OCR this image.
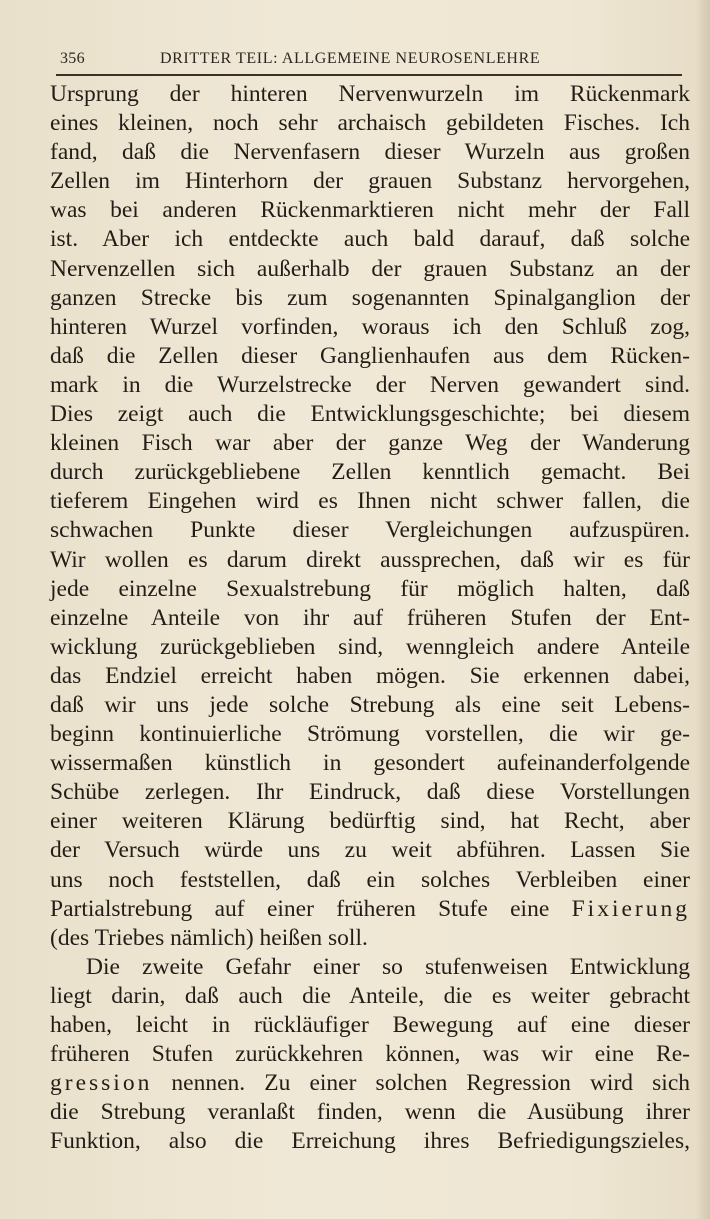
356	DRITTER TEIL: ALLGEMEINE NEUROSENLEHRE
Ursprung der hinteren Nervenwurzeln im Rückenmark
eines kleinen, noch sehr archaisch gebildeten Fisches. Ich
fand, daß die Nervenfasern dieser Wurzeln aus großen
Zellen im Hinterhorn der grauen Substanz hervorgehen,
was bei anderen Rückenmarktieren nicht mehr der Fall
ist. Aber ich entdeckte auch bald darauf, daß solche
Nervenzellen sich außerhalb der grauen Substanz an der
ganzen Strecke bis zum sogenannten Spinalganglion der
hinteren Wurzel vorfinden, woraus ich den Schluß zog,
daß die Zellen dieser Ganglienhaufen aus dem Rücken-
mark in die Wurzelstrecke der Nerven gewandert sind.
Dies zeigt auch die Entwicklungsgeschichte; bei diesem
kleinen Fisch war aber der ganze Weg der Wanderung
durch zurückgebliebene Zellen kenntlich gemacht. Bei
tieferem Eingehen wird es Ihnen nicht schwer fallen, die
schwachen Punkte dieser Vergleichungen aufzuspüren.
Wir wollen es darum direkt aussprechen, daß wir es für
jede einzelne Sexualstrebung für möglich halten, daß
einzelne Anteile von ihr auf früheren Stufen der Ent-
wicklung zurückgeblieben sind, wenngleich andere Anteile
das Endziel erreicht haben mögen. Sie erkennen dabei,
daß wir uns jede solche Strebung als eine seit Lebens-
beginn kontinuierliche Strömung vorstellen, die wir ge-
wissermaßen künstlich in gesondert aufeinanderfolgende
Schübe zerlegen. Ihr Eindruck, daß diese Vorstellungen
einer weiteren Klärung bedürftig sind, hat Recht, aber
der Versuch würde uns zu weit abführen. Lassen Sie
uns noch feststellen, daß ein solches Verbleiben einer
Partialstrebung auf einer früheren Stufe eine Fixierung
(des Triebes nämlich) heißen soll.
Die zweite Gefahr einer so stufenweisen Entwicklung
liegt darin, daß auch die Anteile, die es weiter gebracht
haben, leicht in rückläufiger Bewegung auf eine dieser
früheren Stufen zurückkehren können, was wir eine Re-
gression nennen. Zu einer solchen Regression wird sich
die Strebung veranlaßt finden, wenn die Ausübung ihrer
Funktion, also die Erreichung ihres Befriedigungszieles,
